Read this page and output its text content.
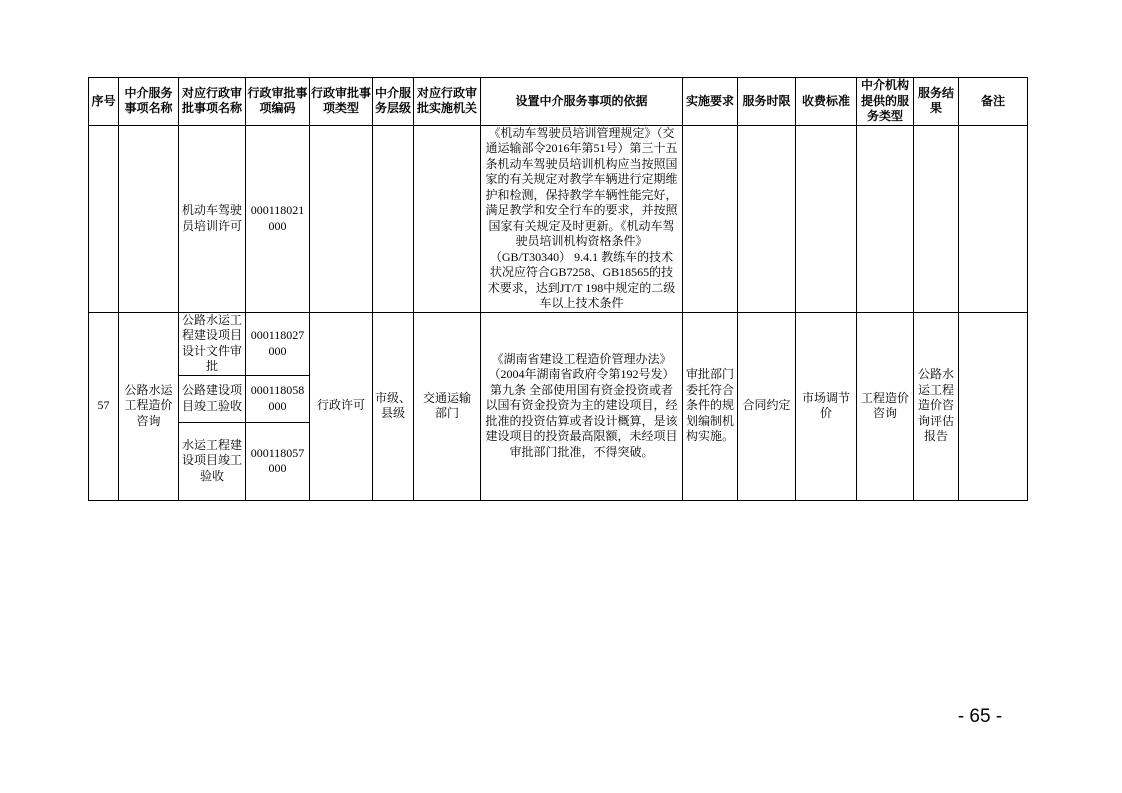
序号	中介服务事项名称	对应行政审批事项名称	行政审批事项编码	行政审批事项类型	中介服务层级	对应行政审批实施机关	设置中介服务事项的依据	实施要求	服务时限	收费标准	中介机构提供的服务类型	服务结果	备注
		机动车驾驶员培训许可	000118021000				《机动车驾驶员培训管理规定》（交通运输部令2016年第51号）第三十五条机动车驾驶员培训机构应当按照国家的有关规定对教学车辆进行定期维护和检测，保持教学车辆性能完好，满足教学和安全行车的要求，并按照国家有关规定及时更新。《机动车驾驶员培训机构资格条件》（GB/T30340） 9.4.1 教练车的技术状况应符合GB7258、GB18565的技术要求，达到JT/T 198中规定的二级车以上技术条件						
57	公路水运工程造价咨询	公路水运工程建设项目设计文件审批	000118027000	行政许可	市级、县级	交通运输部门	《湖南省建设工程造价管理办法》（2004年湖南省政府令第192号发）第九条 全部使用国有资金投资或者以国有资金投资为主的建设项目，经批准的投资估算或者设计概算，是该建设项目的投资最高限额，未经项目审批部门批准，不得突破。	审批部门委托符合条件的规划编制机构实施。	合同约定	市场调节价	工程造价咨询	公路水运工程造价咨询评估报告	
		公路建设项目竣工验收	000118058000										
		水运工程建设项目竣工验收	000118057000										
- 65 -
